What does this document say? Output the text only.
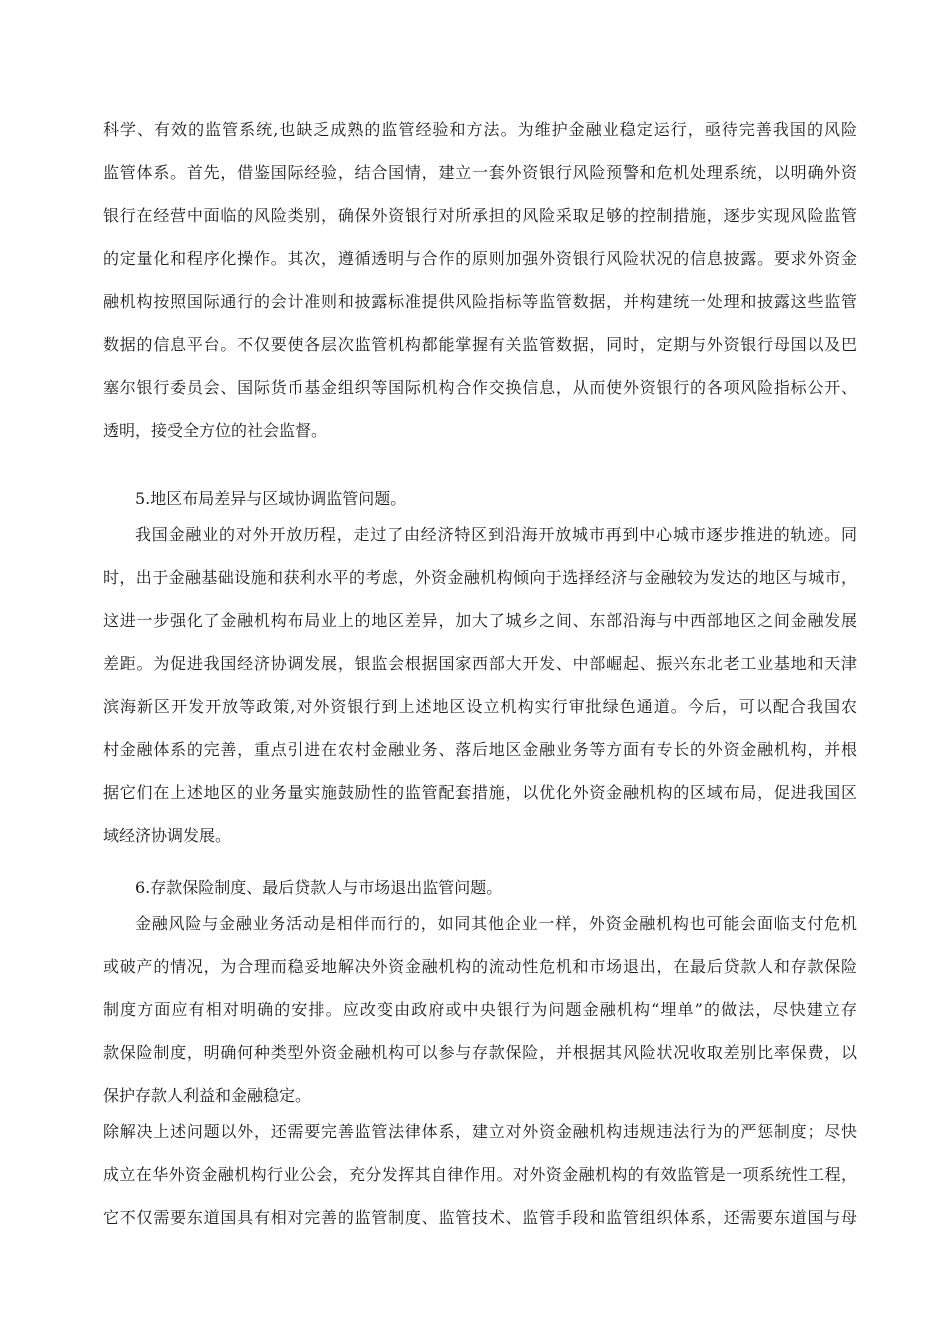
科学、有效的监管系统,也缺乏成熟的监管经验和方法。为维护金融业稳定运行，亟待完善我国的风险

监管体系。首先，借鉴国际经验，结合国情，建立一套外资银行风险预警和危机处理系统，以明确外资

银行在经营中面临的风险类别，确保外资银行对所承担的风险采取足够的控制措施，逐步实现风险监管

的定量化和程序化操作。其次，遵循透明与合作的原则加强外资银行风险状况的信息披露。要求外资金

融机构按照国际通行的会计准则和披露标准提供风险指标等监管数据，并构建统一处理和披露这些监管

数据的信息平台。不仅要使各层次监管机构都能掌握有关监管数据，同时，定期与外资银行母国以及巴

塞尔银行委员会、国际货币基金组织等国际机构合作交换信息，从而使外资银行的各项风险指标公开、

透明，接受全方位的社会监督。

5.地区布局差异与区域协调监管问题。

我国金融业的对外开放历程，走过了由经济特区到沿海开放城市再到中心城市逐步推进的轨迹。同

时，出于金融基础设施和获利水平的考虑，外资金融机构倾向于选择经济与金融较为发达的地区与城市，

这进一步强化了金融机构布局业上的地区差异，加大了城乡之间、东部沿海与中西部地区之间金融发展

差距。为促进我国经济协调发展，银监会根据国家西部大开发、中部崛起、振兴东北老工业基地和天津

滨海新区开发开放等政策,对外资银行到上述地区设立机构实行审批绿色通道。今后，可以配合我国农

村金融体系的完善，重点引进在农村金融业务、落后地区金融业务等方面有专长的外资金融机构，并根

据它们在上述地区的业务量实施鼓励性的监管配套措施，以优化外资金融机构的区域布局，促进我国区

域经济协调发展。

6.存款保险制度、最后贷款人与市场退出监管问题。

金融风险与金融业务活动是相伴而行的，如同其他企业一样，外资金融机构也可能会面临支付危机

或破产的情况，为合理而稳妥地解决外资金融机构的流动性危机和市场退出，在最后贷款人和存款保险

制度方面应有相对明确的安排。应改变由政府或中央银行为问题金融机构“埋单”的做法，尽快建立存

款保险制度，明确何种类型外资金融机构可以参与存款保险，并根据其风险状况收取差别比率保费，以

保护存款人利益和金融稳定。

除解决上述问题以外，还需要完善监管法律体系，建立对外资金融机构违规违法行为的严惩制度；尽快

成立在华外资金融机构行业公会，充分发挥其自律作用。对外资金融机构的有效监管是一项系统性工程，

它不仅需要东道国具有相对完善的监管制度、监管技术、监管手段和监管组织体系，还需要东道国与母
